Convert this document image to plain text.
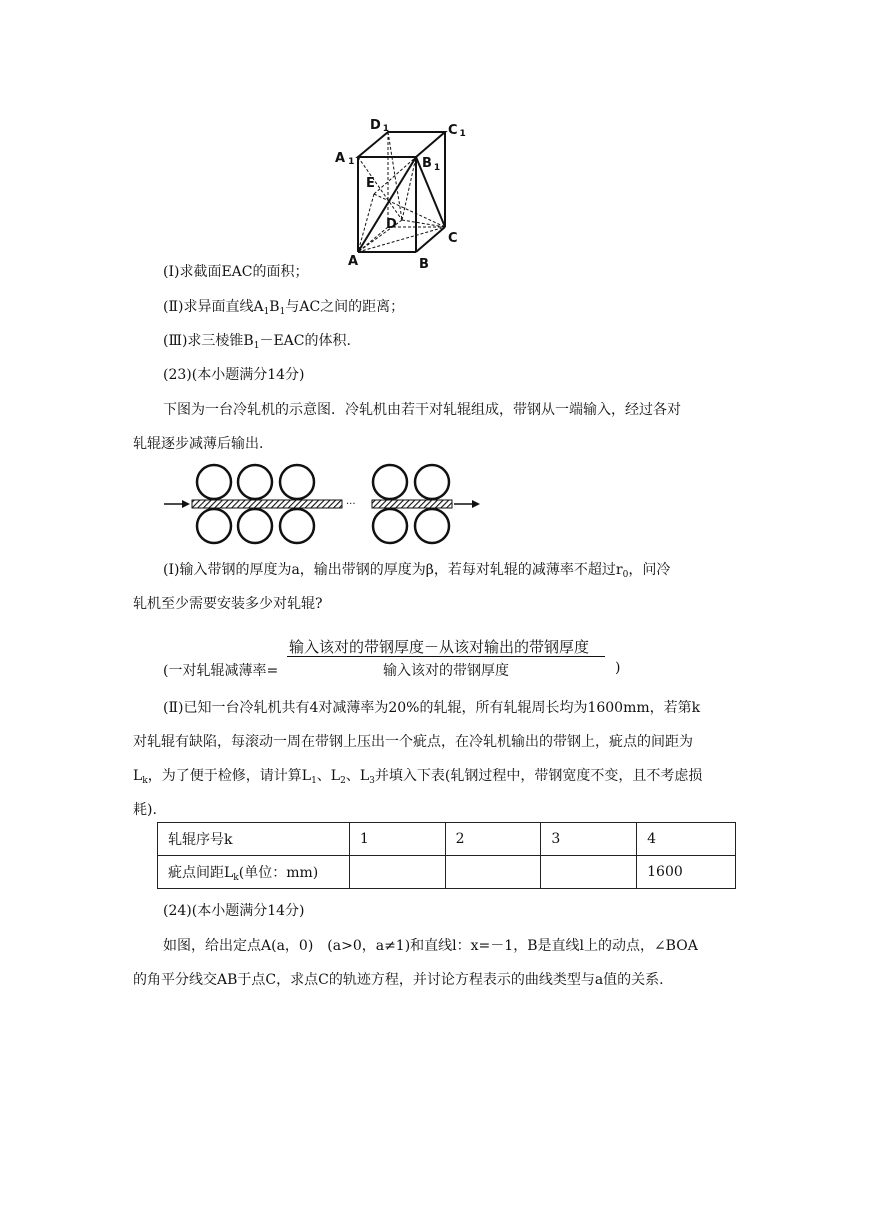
D 1	C 1
A 1	B $_1$
E
D
C
A	B
(Ⅰ)求截面EAC的面积；
(Ⅱ)求异面直线$A_1B_1$与AC之间的距离；
(Ⅲ)求三棱锥$B_1-EAC$的体积.
(23)(本小题满分14分)
下图为一台冷轧机的示意图．冷轧机由若干对轧辊组成，带钢从一端输入，经过各对
轧辊逐步减薄后输出.
···
(Ⅰ)输入带钢的厚度为a，输出带钢的厚度为β，若每对轧辊的减薄率不超过$r_0$，问冷
轧机至少需要安装多少对轧辊?
输入该对的带钢厚度－从该对输出的带钢厚度
(一对轧辊减薄率=	输入该对的带钢厚度	)
(Ⅱ)已知一台冷轧机共有4对减薄率为20%的轧辊，所有轧辊周长均为1600mm，若第k
对轧辊有缺陷，每滚动一周在带钢上压出一个疵点，在冷轧机输出的带钢上，疵点的间距为
$L_k$，为了便于检修，请计算$L_1$、$L_2$、$L_3$并填入下表(轧钢过程中，带钢宽度不变，且不考虑损
耗).
轧辊序号k	1	2	3	4
疵点间距$L_k$(单位：mm)				1600
(24)(本小题满分14分)
如图，给出定点A(a，0)　(a>0，a≠1)和直线l：x=－1，B是直线l上的动点，∠BOA
的角平分线交AB于点C，求点C的轨迹方程，并讨论方程表示的曲线类型与a值的关系.
